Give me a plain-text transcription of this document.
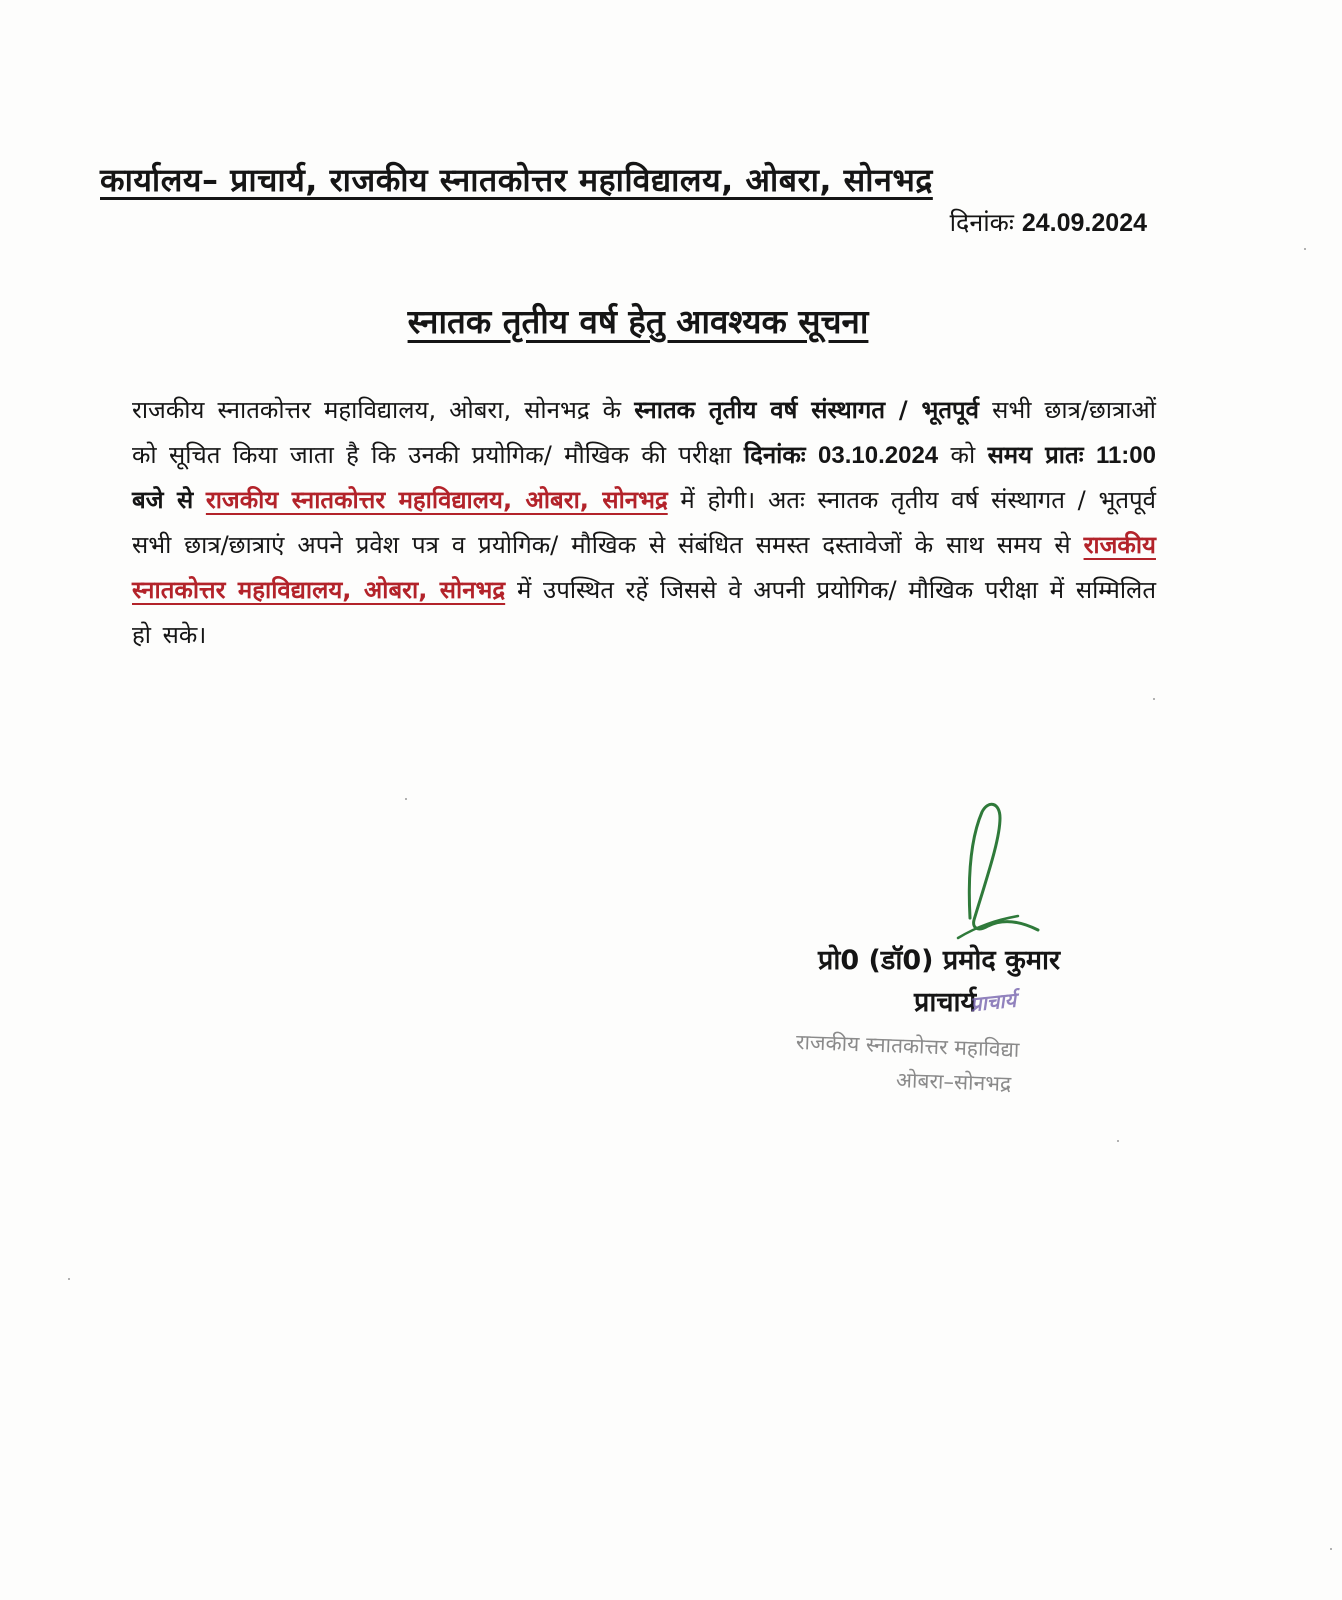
कार्यालय– प्राचार्य, राजकीय स्नातकोत्तर महाविद्यालय, ओबरा, सोनभद्र
दिनांकः 24.09.2024
स्नातक तृतीय वर्ष हेतु आवश्यक सूचना
राजकीय स्नातकोत्तर महाविद्यालय, ओबरा, सोनभद्र के स्नातक तृतीय वर्ष संस्थागत / भूतपूर्व सभी छात्र/छात्राओं को सूचित किया जाता है कि उनकी प्रयोगिक/ मौखिक की परीक्षा दिनांकः 03.10.2024 को समय प्रातः 11:00 बजे से राजकीय स्नातकोत्तर महाविद्यालय, ओबरा, सोनभद्र में होगी। अतः स्नातक तृतीय वर्ष संस्थागत / भूतपूर्व सभी छात्र/छात्राएं अपने प्रवेश पत्र व प्रयोगिक/ मौखिक से संबंधित समस्त दस्तावेजों के साथ समय से राजकीय स्नातकोत्तर महाविद्यालय, ओबरा, सोनभद्र में उपस्थित रहें जिससे वे अपनी प्रयोगिक/ मौखिक परीक्षा में सम्मिलित हो सके।
प्रो0 (डॉ0) प्रमोद कुमार
प्राचार्य
प्राचार्य
राजकीय स्नातकोत्तर महाविद्या
ओबरा–सोनभद्र
